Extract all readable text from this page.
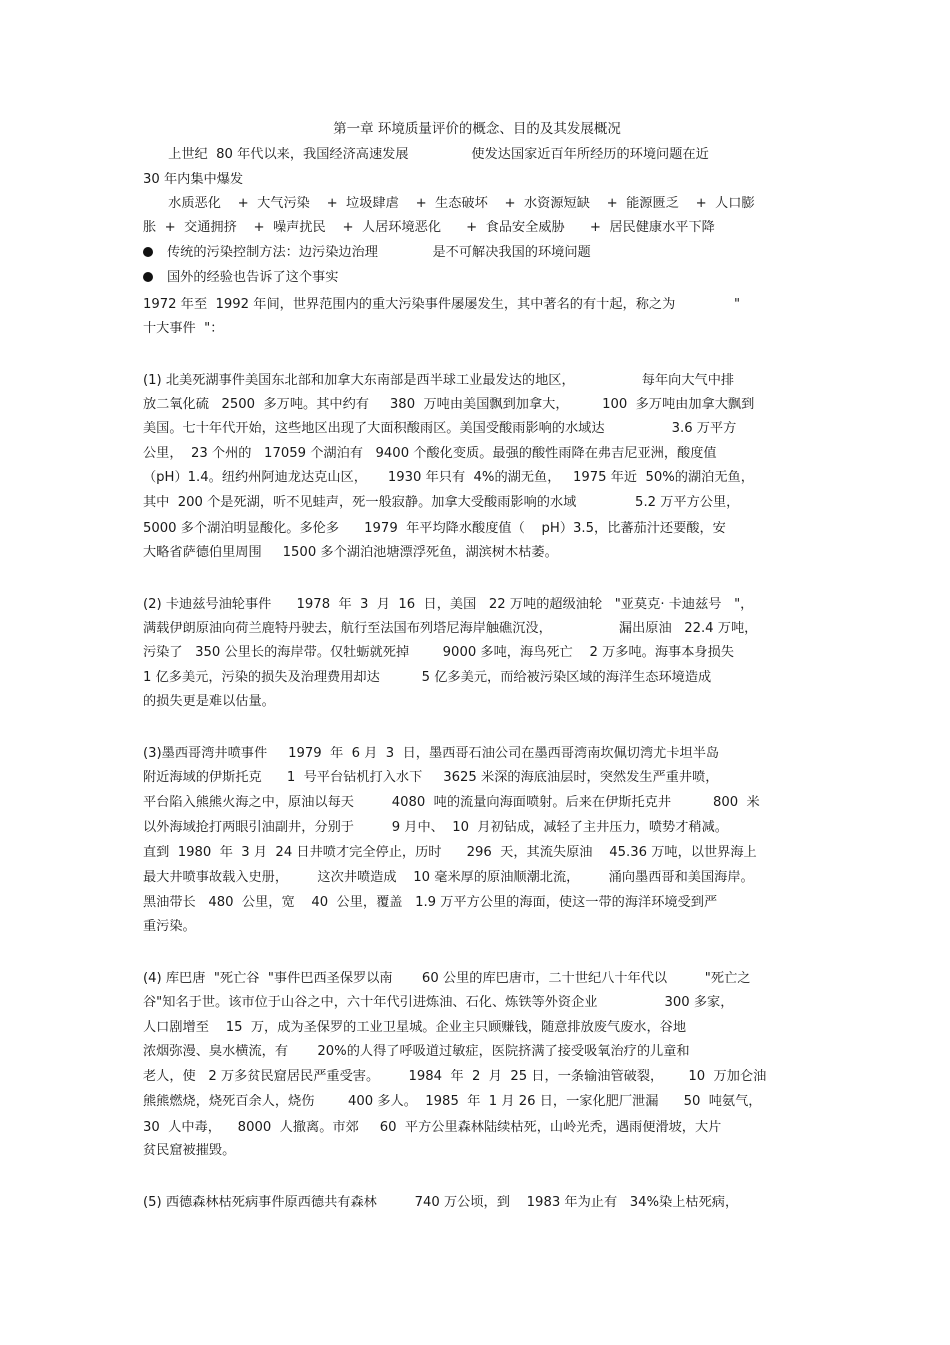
第一章 环境质量评价的概念、目的及其发展概况
上世纪  80 年代以来，我国经济高速发展               使发达国家近百年所经历的环境问题在近
30 年内集中爆发
水质恶化    +  大气污染    +  垃圾肆虐    +  生态破坏    +  水资源短缺    +  能源匮乏    +  人口膨
胀  +  交通拥挤    +  噪声扰民    +  人居环境恶化      +  食品安全威胁      +  居民健康水平下降
传统的污染控制方法：边污染边治理             是不可解决我国的环境问题
国外的经验也告诉了这个事实
1972 年至  1992 年间，世界范围内的重大污染事件屡屡发生，其中著名的有十起，称之为              "
十大事件  "：
(1) 北美死湖事件美国东北部和加拿大东南部是西半球工业最发达的地区，                每年向大气中排
放二氧化硫   2500  多万吨。其中约有     380  万吨由美国飘到加拿大，        100  多万吨由加拿大飘到
美国。七十年代开始，这些地区出现了大面积酸雨区。美国受酸雨影响的水域达                3.6 万平方
公里，  23 个州的   17059 个湖泊有   9400 个酸化变质。最强的酸性雨降在弗吉尼亚洲，酸度值
（pH）1.4。纽约州阿迪龙达克山区，     1930 年只有  4%的湖无鱼，   1975 年近  50%的湖泊无鱼，
其中  200 个是死湖，听不见蛙声，死一般寂静。加拿大受酸雨影响的水域              5.2 万平方公里，
5000 多个湖泊明显酸化。多伦多      1979  年平均降水酸度值（    pH）3.5，比蕃茄汁还要酸，安
大略省萨德伯里周围     1500 多个湖泊池塘漂浮死鱼，湖滨树木枯萎。
(2) 卡迪兹号油轮事件      1978  年  3  月  16  日，美国   22 万吨的超级油轮   "亚莫克· 卡迪兹号   "，
满载伊朗原油向荷兰鹿特丹驶去，航行至法国布列塔尼海岸触礁沉没，                漏出原油   22.4 万吨，
污染了   350 公里长的海岸带。仅牡蛎就死掉        9000 多吨，海鸟死亡    2 万多吨。海事本身损失
1 亿多美元，污染的损失及治理费用却达          5 亿多美元，而给被污染区域的海洋生态环境造成
的损失更是难以估量。
(3)墨西哥湾井喷事件     1979  年  6 月  3  日，墨西哥石油公司在墨西哥湾南坎佩切湾尤卡坦半岛
附近海域的伊斯托克      1  号平台钻机打入水下     3625 米深的海底油层时，突然发生严重井喷，
平台陷入熊熊火海之中，原油以每天         4080  吨的流量向海面喷射。后来在伊斯托克井          800  米
以外海域抢打两眼引油副井，分别于         9 月中、  10  月初钻成，减轻了主井压力，喷势才稍减。
直到  1980  年  3 月  24 日井喷才完全停止，历时      296  天，其流失原油    45.36 万吨，以世界海上
最大井喷事故载入史册，       这次井喷造成    10 毫米厚的原油顺潮北流，       涌向墨西哥和美国海岸。
黑油带长   480  公里，宽    40  公里，覆盖   1.9 万平方公里的海面，使这一带的海洋环境受到严
重污染。
(4) 库巴唐  "死亡谷  "事件巴西圣保罗以南       60 公里的库巴唐市，二十世纪八十年代以         "死亡之
谷"知名于世。该市位于山谷之中，六十年代引进炼油、石化、炼铁等外资企业                300 多家，
人口剧增至    15  万，成为圣保罗的工业卫星城。企业主只顾赚钱，随意排放废气废水，谷地
浓烟弥漫、臭水横流，有       20%的人得了呼吸道过敏症，医院挤满了接受吸氧治疗的儿童和
老人，使   2 万多贫民窟居民严重受害。       1984  年  2  月  25 日，一条输油管破裂，      10  万加仑油
熊熊燃烧，烧死百余人，烧伤        400 多人。  1985  年  1 月 26 日，一家化肥厂泄漏      50  吨氨气，
30  人中毒，    8000  人撤离。市郊     60  平方公里森林陆续枯死，山岭光秃，遇雨便滑坡，大片
贫民窟被摧毁。
(5) 西德森林枯死病事件原西德共有森林         740 万公顷，到    1983 年为止有   34%染上枯死病，
